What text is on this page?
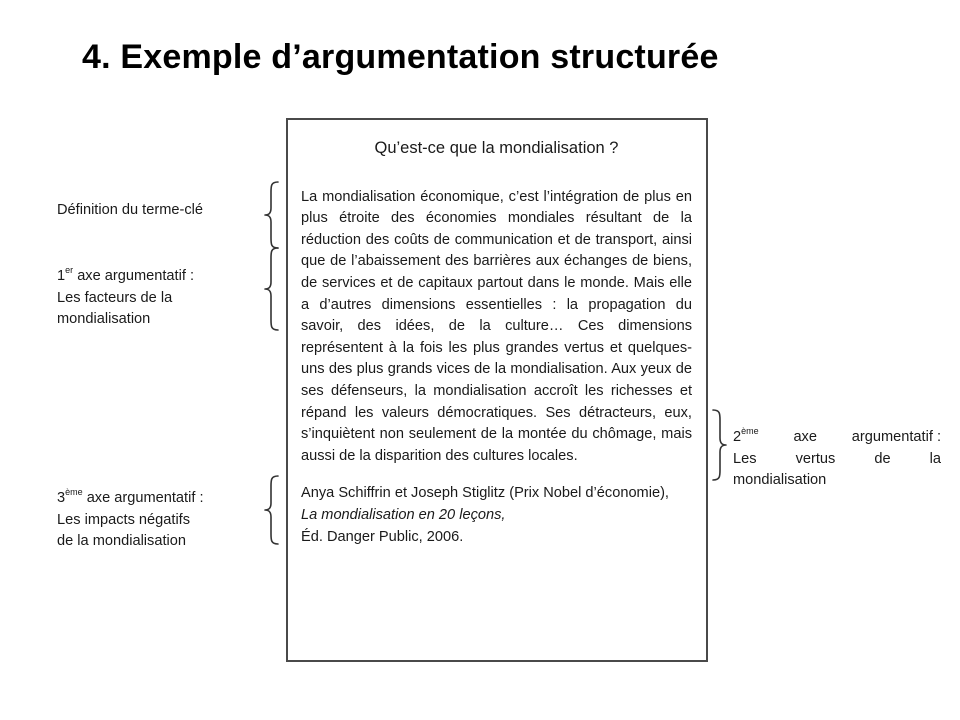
4. Exemple d’argumentation structurée
Qu’est-ce que la mondialisation ?

La mondialisation économique, c’est l’intégration de plus en plus étroite des économies mondiales résultant de la réduction des coûts de communication et de transport, ainsi que de l’abaissement des barrières aux échanges de biens, de services et de capitaux partout dans le monde. Mais elle a d’autres dimensions essentielles : la propagation du savoir, des idées, de la culture… Ces dimensions représentent à la fois les plus grandes vertus et quelques-uns des plus grands vices de la mondialisation. Aux yeux de ses défenseurs, la mondialisation accroît les richesses et répand les valeurs démocratiques. Ses détracteurs, eux, s’inquiètent non seulement de la montée du chômage, mais aussi de la disparition des cultures locales.

Anya Schiffrin et Joseph Stiglitz (Prix Nobel d’économie),
La mondialisation en 20 leçons,
Éd. Danger Public, 2006.
Définition du terme-clé
1er axe argumentatif :
Les facteurs de la
mondialisation
3ème axe argumentatif :
Les impacts négatifs
de la mondialisation
2ème axe argumentatif :
Les	vertus	de	la
mondialisation
